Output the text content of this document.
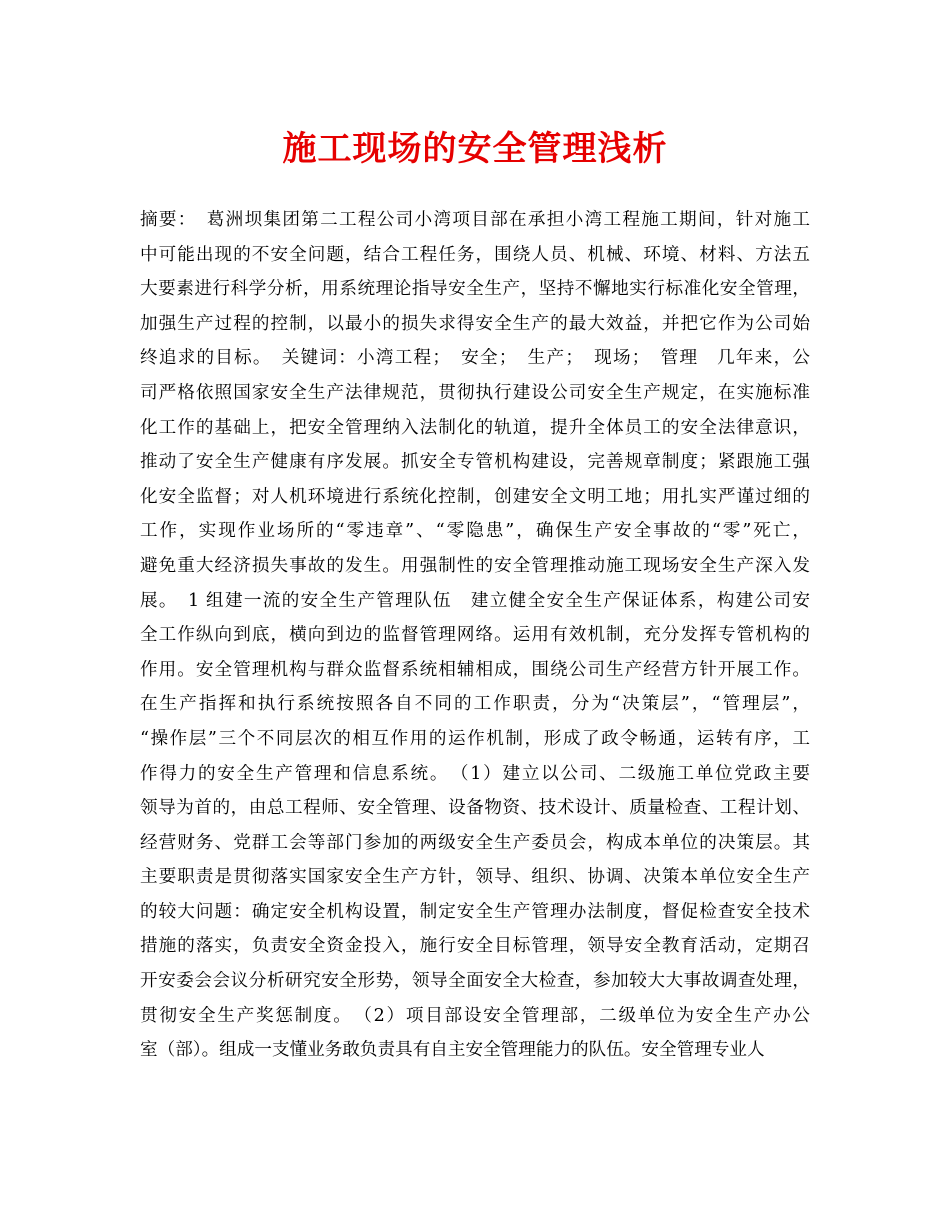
施工现场的安全管理浅析
摘要：　葛洲坝集团第二工程公司小湾项目部在承担小湾工程施工期间，针对施工
中可能出现的不安全问题，结合工程任务，围绕人员、机械、环境、材料、方法五
大要素进行科学分析，用系统理论指导安全生产，坚持不懈地实行标准化安全管理，
加强生产过程的控制，以最小的损失求得安全生产的最大效益，并把它作为公司始
终追求的目标。　关键词：小湾工程；　安全；　生产；　现场；　管理　几年来，公
司严格依照国家安全生产法律规范，贯彻执行建设公司安全生产规定，在实施标准
化工作的基础上，把安全管理纳入法制化的轨道，提升全体员工的安全法律意识，
推动了安全生产健康有序发展。抓安全专管机构建设，完善规章制度；紧跟施工强
化安全监督；对人机环境进行系统化控制，创建安全文明工地；用扎实严谨过细的
工作，实现作业场所的“零违章”、“零隐患”，确保生产安全事故的“零”死亡，
避免重大经济损失事故的发生。用强制性的安全管理推动施工现场安全生产深入发
展。　1 组建一流的安全生产管理队伍　建立健全安全生产保证体系，构建公司安
全工作纵向到底，横向到边的监督管理网络。运用有效机制，充分发挥专管机构的
作用。安全管理机构与群众监督系统相辅相成，围绕公司生产经营方针开展工作。
在生产指挥和执行系统按照各自不同的工作职责，分为“决策层”，“管理层”，
“操作层”三个不同层次的相互作用的运作机制，形成了政令畅通，运转有序，工
作得力的安全生产管理和信息系统。　（1）建立以公司、二级施工单位党政主要
领导为首的，由总工程师、安全管理、设备物资、技术设计、质量检查、工程计划、
经营财务、党群工会等部门参加的两级安全生产委员会，构成本单位的决策层。其
主要职责是贯彻落实国家安全生产方针，领导、组织、协调、决策本单位安全生产
的较大问题：确定安全机构设置，制定安全生产管理办法制度，督促检查安全技术
措施的落实，负责安全资金投入，施行安全目标管理，领导安全教育活动，定期召
开安委会会议分析研究安全形势，领导全面安全大检查，参加较大大事故调查处理，
贯彻安全生产奖惩制度。　（2）项目部设安全管理部，二级单位为安全生产办公
室（部）。组成一支懂业务敢负责具有自主安全管理能力的队伍。安全管理专业人
